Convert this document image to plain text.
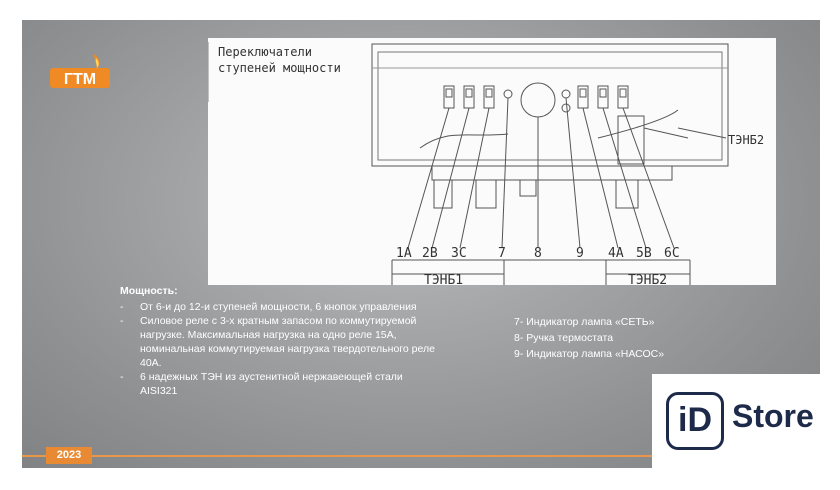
ГТМ
Переключатели
ступеней мощности
ТЭНБ2
1A 2B 3C 7 8	9 4A 5B 6C
ТЭНБ1	ТЭНБ2
Мощность:
- От 6-и до 12-и ступеней мощности, 6 кнопок управления
- Силовое реле с 3-х кратным запасом по коммутируемой нагрузке. Максимальная нагрузка на одно реле 15А, номинальная коммутируемая нагрузка твердотельного реле 40А.
- 6 надежных ТЭН из аустенитной нержавеющей стали AISI321
7- Индикатор лампа «СЕТЬ»
8- Ручка термостата
9- Индикатор лампа «НАСОС»
2023
iD Store
